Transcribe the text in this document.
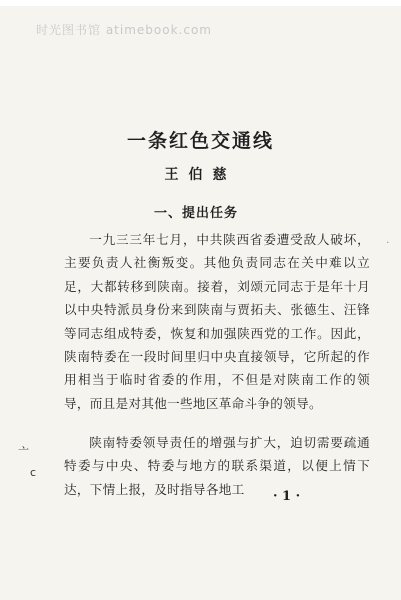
时光图书馆 atimebook.com
一条红色交通线
王伯慈
一、提出任务
一九三三年七月，中共陕西省委遭受敌人破坏，主要负责人社衡叛变。其他负责同志在关中难以立足，大都转移到陕南。接着，刘颂元同志于是年十月以中央特派员身份来到陕南与贾拓夫、张德生、汪锋等同志组成特委，恢复和加强陕西党的工作。因此，陕南特委在一段时间里归中央直接领导，它所起的作用相当于临时省委的作用，不但是对陕南工作的领导，而且是对其他一些地区革命斗争的领导。
陕南特委领导责任的增强与扩大，迫切需要疏通特委与中央、特委与地方的联系渠道，以便上情下达，下情上报，及时指导各地工	· 1 ·
亠
c
·
